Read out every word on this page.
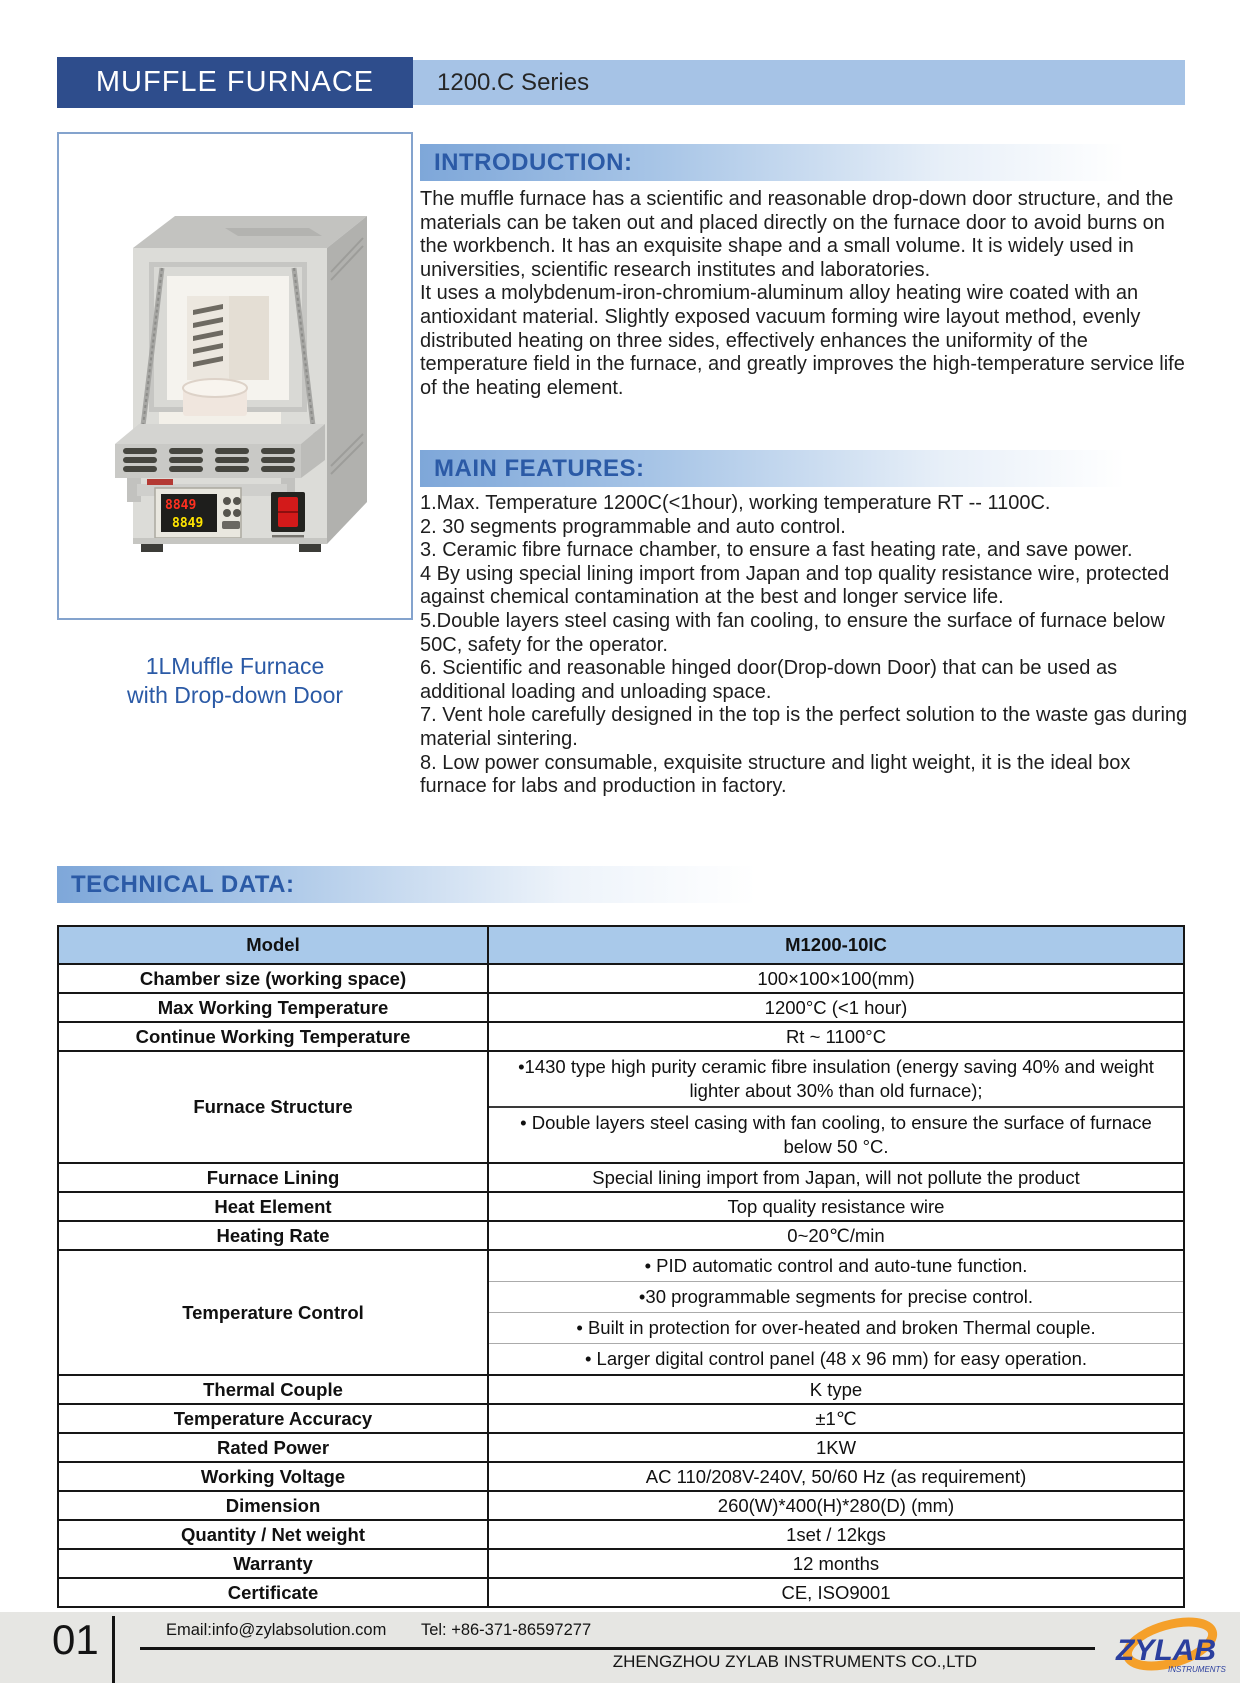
MUFFLE FURNACE	1200.C Series
8849
8849
1LMuffle Furnace
with Drop-down Door
INTRODUCTION:

The muffle furnace has a scientific and reasonable drop-down door structure, and the materials can be taken out and placed directly on the furnace door to avoid burns on the workbench. It has an exquisite shape and a small volume. It is widely used in universities, scientific research institutes and laboratories.

It uses a molybdenum-iron-chromium-aluminum alloy heating wire coated with an antioxidant material. Slightly exposed vacuum forming wire layout method, evenly distributed heating on three sides, effectively enhances the uniformity of the temperature field in the furnace, and greatly improves the high-temperature service life of the heating element.

MAIN FEATURES:
1.Max. Temperature 1200C(<1hour), working temperature RT -- 1100C.
2. 30 segments programmable and auto control.
3. Ceramic fibre furnace chamber, to ensure a fast heating rate, and save power.
4 By using special lining import from Japan and top quality resistance wire, protected against chemical contamination at the best and longer service life.
5.Double layers steel casing with fan cooling, to ensure the surface of furnace below 50C, safety for the operator.
6. Scientific and reasonable hinged door(Drop-down Door) that can be used as additional loading and unloading space.
7. Vent hole carefully designed in the top is the perfect solution to the waste gas during material sintering.
8. Low power consumable, exquisite structure and light weight, it is the ideal box furnace for labs and production in factory.
TECHNICAL DATA:
Model	M1200-10IC
Chamber size (working space)	100×100×100(mm)
Max Working Temperature	1200°C (<1 hour)
Continue Working Temperature	Rt ~ 1100°C
Furnace Structure	•1430 type high purity ceramic fibre insulation (energy saving 40% and weight lighter about 30% than old furnace);
• Double layers steel casing with fan cooling, to ensure the surface of furnace below 50 °C.

Furnace Lining	Special lining import from Japan, will not pollute the product
Heat Element	Top quality resistance wire
Heating Rate	0~20℃/min
Temperature Control	• PID automatic control and auto-tune function.
•30 programmable segments for precise control.
• Built in protection for over-heated and broken Thermal couple.
• Larger digital control panel (48 x 96 mm) for easy operation.

Thermal Couple	K type
Temperature Accuracy	±1℃
Rated Power	1KW
Working Voltage	AC 110/208V-240V, 50/60 Hz (as requirement)
Dimension	260(W)*400(H)*280(D) (mm)
Quantity / Net weight	1set / 12kgs
Warranty	12 months
Certificate	CE, ISO9001
01	Email:info@zylabsolution.com Tel: +86-371-86597277
ZHENGZHOU ZYLAB INSTRUMENTS CO.,LTD	ZYLAB
INSTRUMENTS
